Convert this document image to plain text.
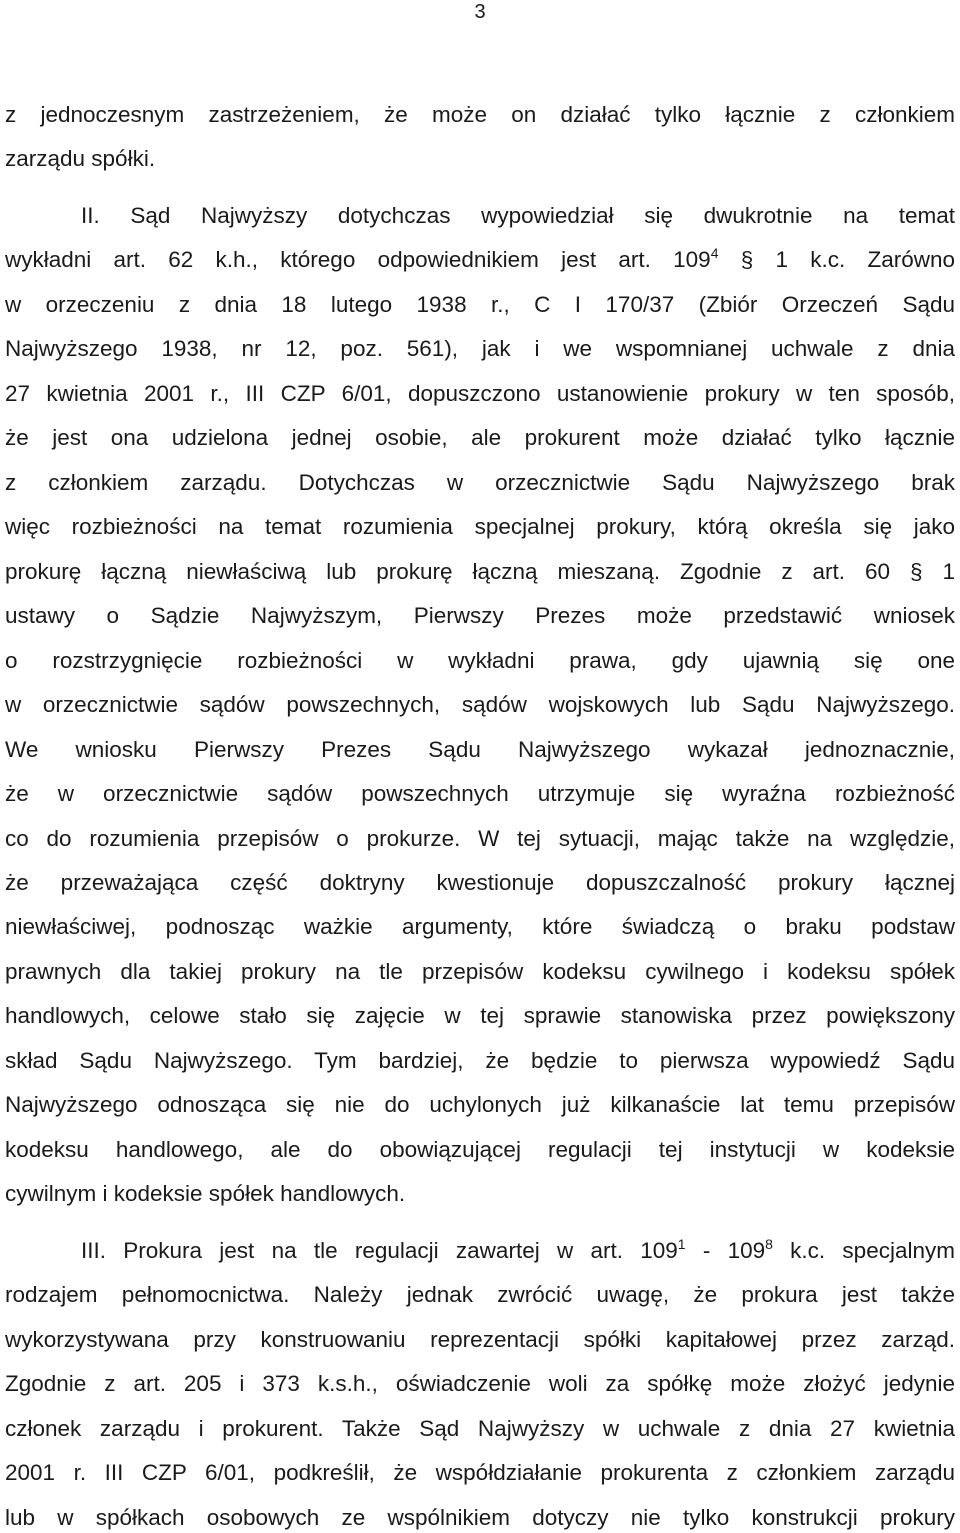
3
z jednoczesnym zastrzeżeniem, że może on działać tylko łącznie z członkiem
zarządu spółki.
II. Sąd Najwyższy dotychczas wypowiedział się dwukrotnie na temat
wykładni art. 62 k.h., którego odpowiednikiem jest art. $109^4$ § 1 k.c. Zarówno
w orzeczeniu z dnia 18 lutego 1938 r., C I 170/37 (Zbiór Orzeczeń Sądu
Najwyższego 1938, nr 12, poz. 561), jak i we wspomnianej uchwale z dnia
27 kwietnia 2001 r., III CZP 6/01, dopuszczono ustanowienie prokury w ten sposób,
że jest ona udzielona jednej osobie, ale prokurent może działać tylko łącznie
z członkiem zarządu. Dotychczas w orzecznictwie Sądu Najwyższego brak
więc rozbieżności na temat rozumienia specjalnej prokury, którą określa się jako
prokurę łączną niewłaściwą lub prokurę łączną mieszaną. Zgodnie z art. 60 § 1
ustawy o Sądzie Najwyższym, Pierwszy Prezes może przedstawić wniosek
o rozstrzygnięcie rozbieżności w wykładni prawa, gdy ujawnią się one
w orzecznictwie sądów powszechnych, sądów wojskowych lub Sądu Najwyższego.
We wniosku Pierwszy Prezes Sądu Najwyższego wykazał jednoznacznie,
że w orzecznictwie sądów powszechnych utrzymuje się wyraźna rozbieżność
co do rozumienia przepisów o prokurze. W tej sytuacji, mając także na względzie,
że przeważająca część doktryny kwestionuje dopuszczalność prokury łącznej
niewłaściwej, podnosząc ważkie argumenty, które świadczą o braku podstaw
prawnych dla takiej prokury na tle przepisów kodeksu cywilnego i kodeksu spółek
handlowych, celowe stało się zajęcie w tej sprawie stanowiska przez powiększony
skład Sądu Najwyższego. Tym bardziej, że będzie to pierwsza wypowiedź Sądu
Najwyższego odnosząca się nie do uchylonych już kilkanaście lat temu przepisów
kodeksu handlowego, ale do obowiązującej regulacji tej instytucji w kodeksie
cywilnym i kodeksie spółek handlowych.
III. Prokura jest na tle regulacji zawartej w art. $109^1 - 109^8$ k.c. specjalnym
rodzajem pełnomocnictwa. Należy jednak zwrócić uwagę, że prokura jest także
wykorzystywana przy konstruowaniu reprezentacji spółki kapitałowej przez zarząd.
Zgodnie z art. 205 i 373 k.s.h., oświadczenie woli za spółkę może złożyć jedynie
członek zarządu i prokurent. Także Sąd Najwyższy w uchwale z dnia 27 kwietnia
2001 r. III CZP 6/01, podkreślił, że współdziałanie prokurenta z członkiem zarządu
lub w spółkach osobowych ze wspólnikiem dotyczy nie tylko konstrukcji prokury
